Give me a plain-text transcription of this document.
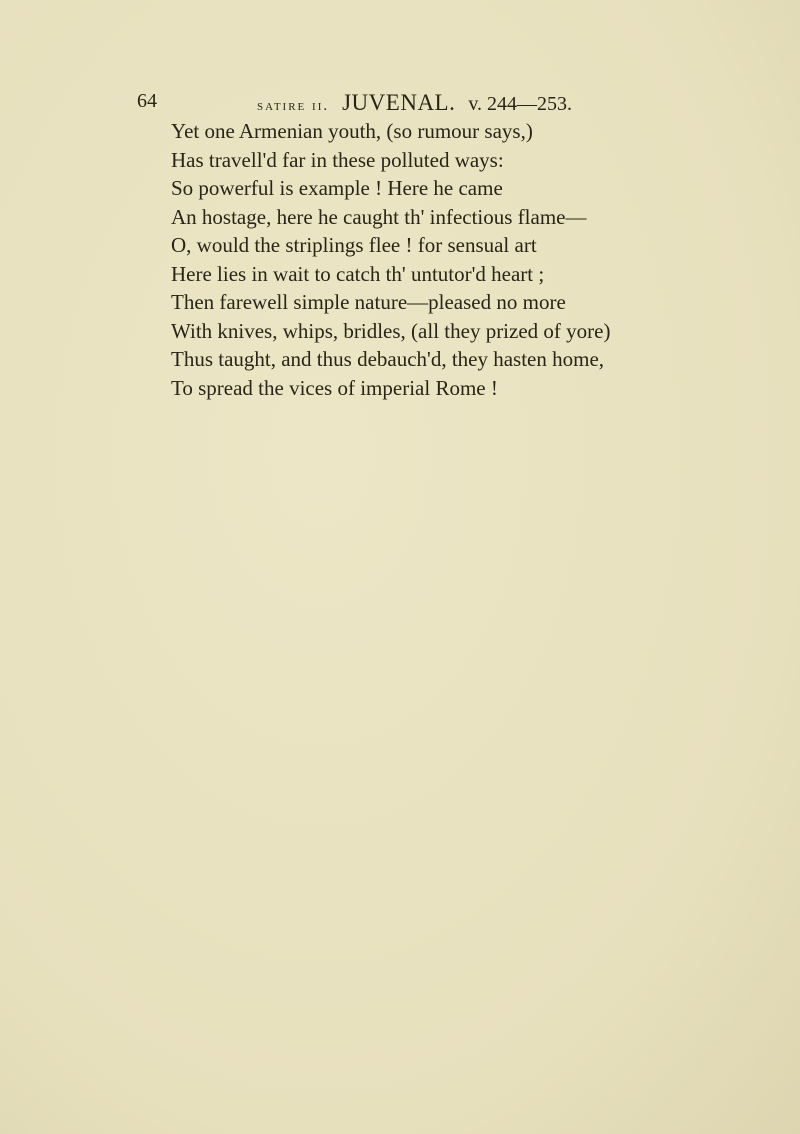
64	satire ii. JUVENAL. v. 244—253.
Yet one Armenian youth, (so rumour says,)
Has travell'd far in these polluted ways:
So powerful is example ! Here he came
An hostage, here he caught th' infectious flame—
O, would the striplings flee ! for sensual art
Here lies in wait to catch th' untutor'd heart ;
Then farewell simple nature—pleased no more
With knives, whips, bridles, (all they prized of yore)
Thus taught, and thus debauch'd, they hasten home,
To spread the vices of imperial Rome !
